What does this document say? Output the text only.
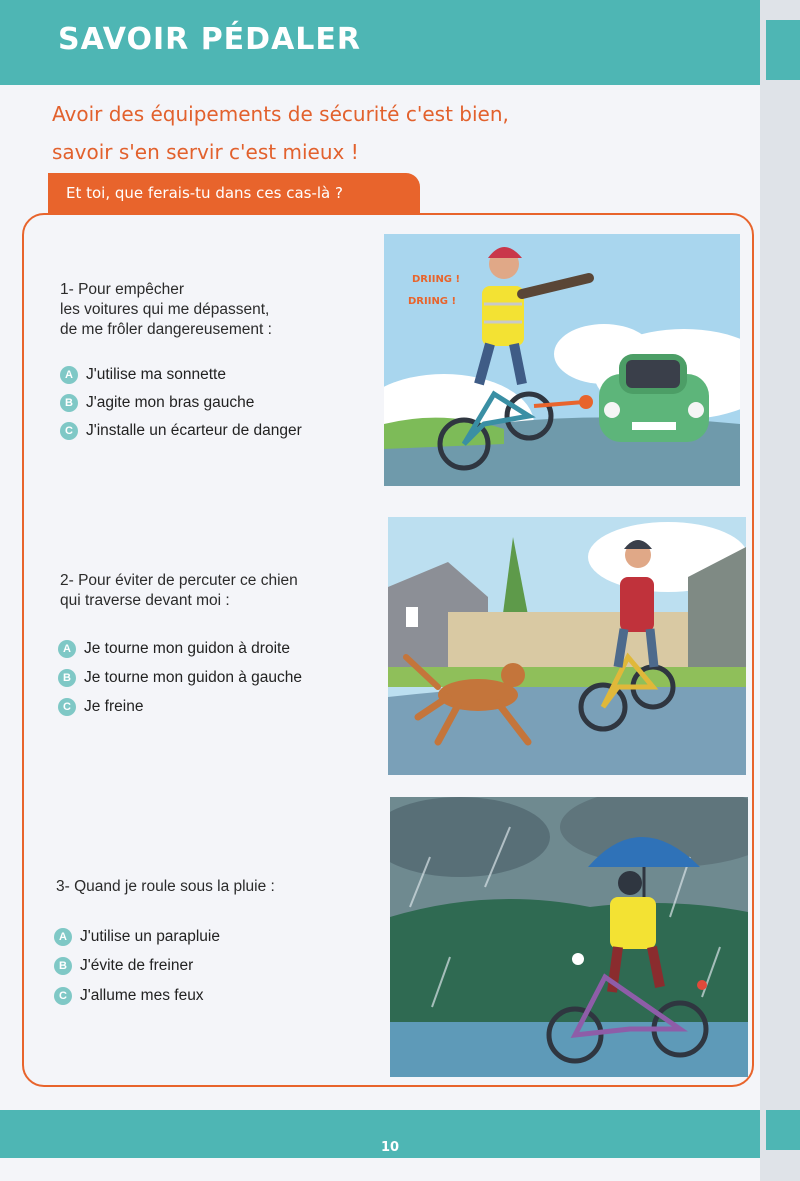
SAVOIR PÉDALER
Avoir des équipements de sécurité c'est bien,
savoir s'en servir c'est mieux !
Et toi, que ferais-tu dans ces cas-là ?
1- Pour empêcher
les voitures qui me dépassent,
de me frôler dangereusement :
A J'utilise ma sonnette
B J'agite mon bras gauche
C J'installe un écarteur de danger
DRIING !
DRIING !
2- Pour éviter de percuter ce chien
qui traverse devant moi :
A Je tourne mon guidon à droite
B Je tourne mon guidon à gauche
C Je freine
3- Quand je roule sous la pluie :
A J'utilise un parapluie
B J'évite de freiner
C J'allume mes feux
10
